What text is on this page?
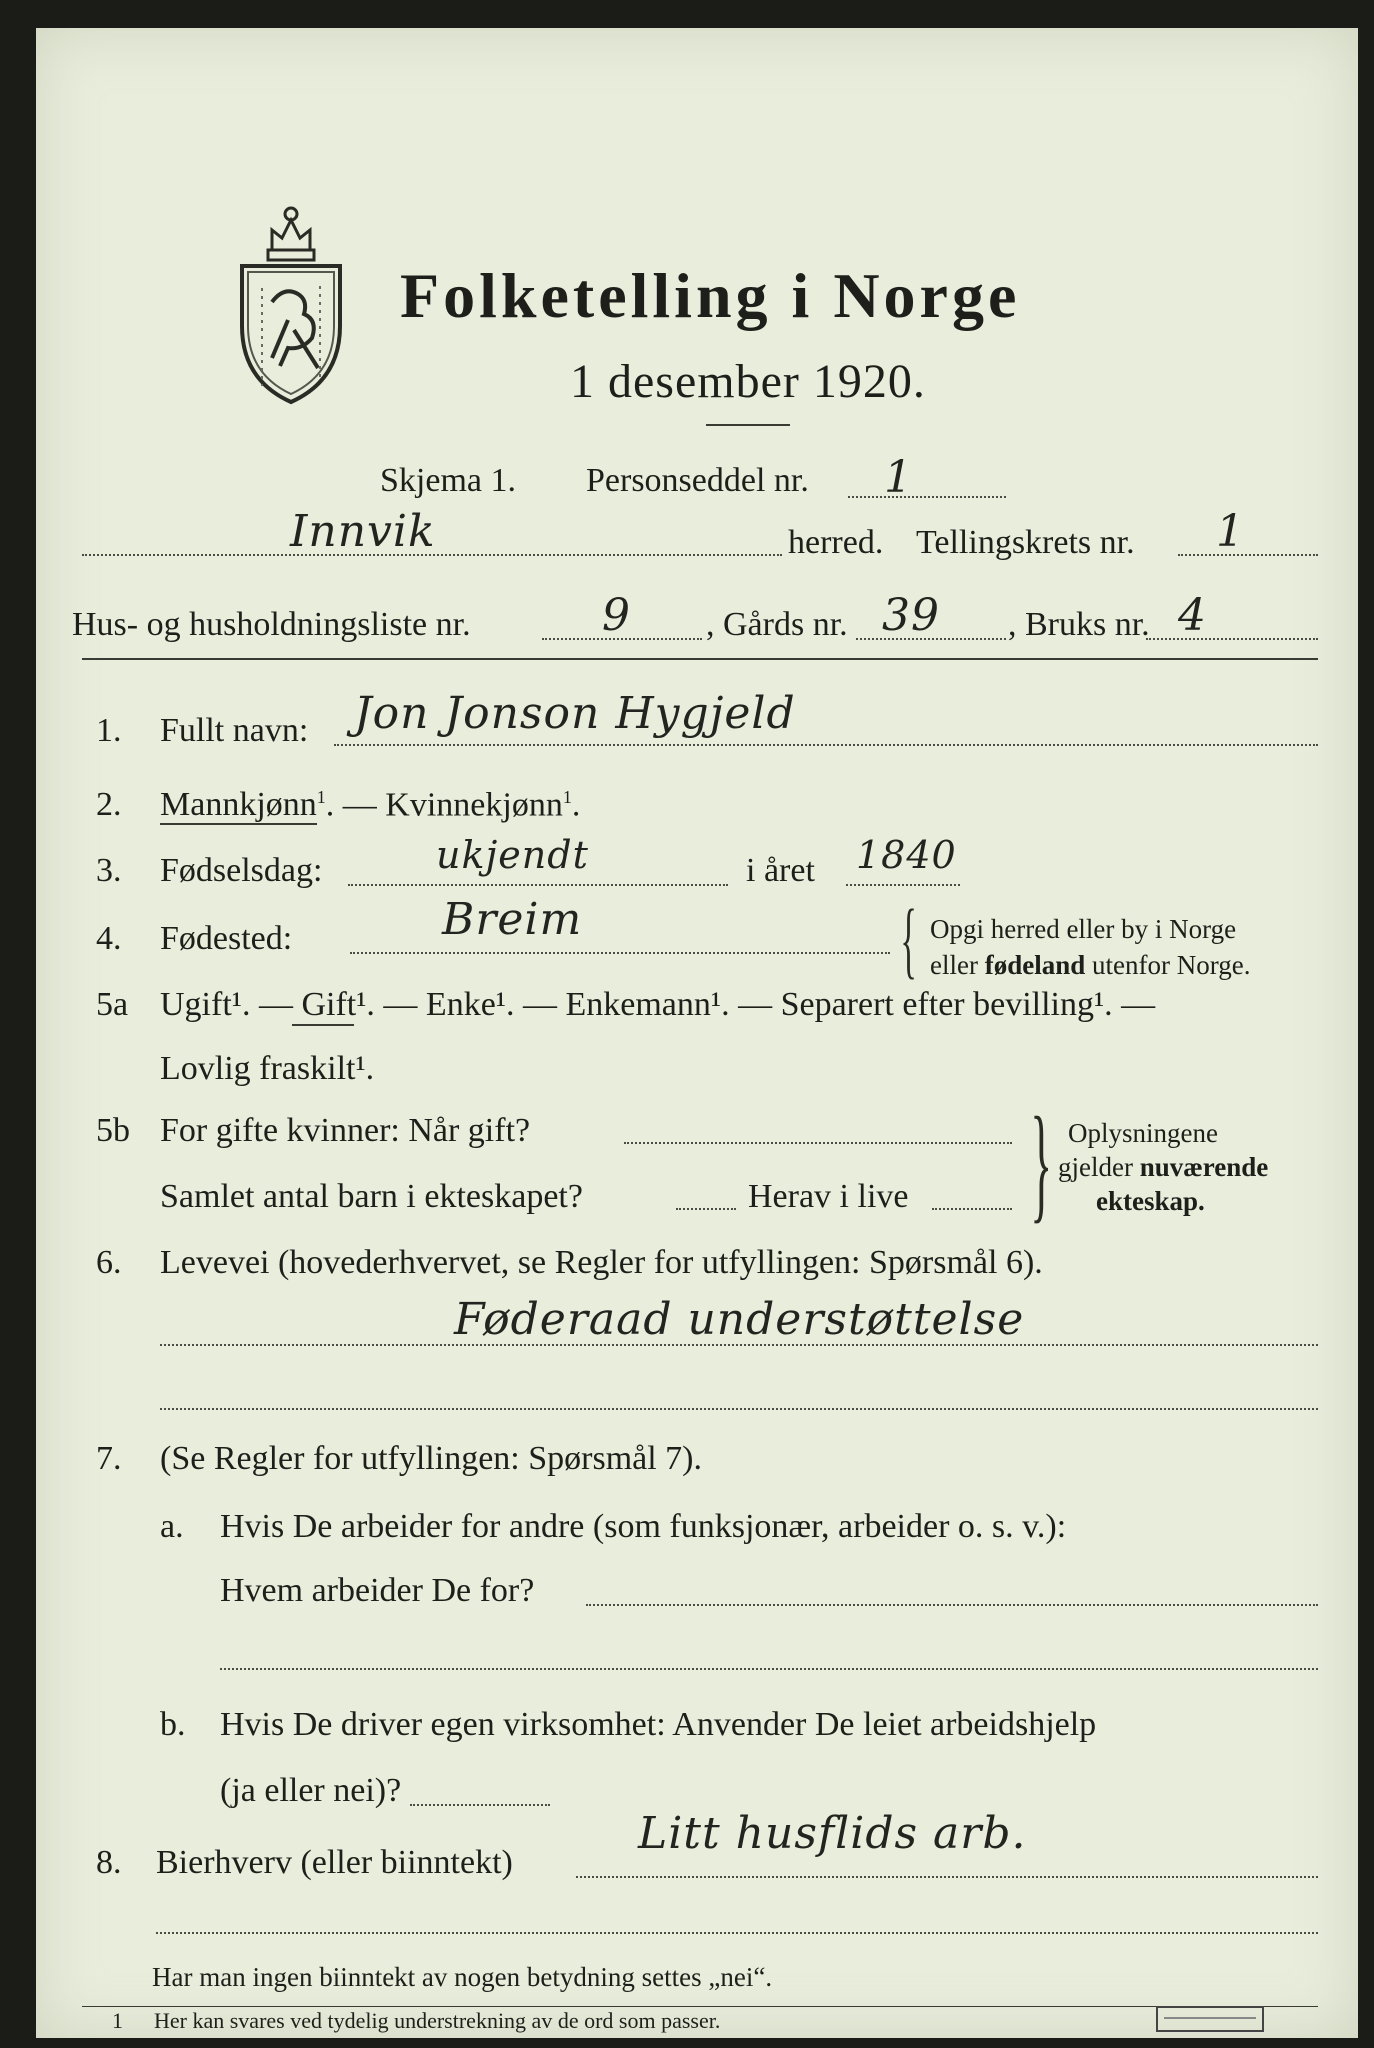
Folketelling i Norge
1 desember 1920.
Skjema 1. Personseddel nr. 1
Innvik	herred. Tellingskrets nr. 1
Hus- og husholdningsliste nr.	9 , Gårds nr. 39 , Bruks nr. 4
1. Fullt navn: Jon Jonson Hygjeld
2. Mannkjønn$^1$. — Kvinnekjønn$^1$.
3. Fødselsdag:	ukjendt	i året 1840
4. Fødested:	Breim	{ Opgi herred eller by i Norge
eller fødeland utenfor Norge.
5a Ugift¹. — Gift¹. — Enke¹. — Enkemann¹. — Separert efter bevilling¹. —
Lovlig fraskilt¹.
5b For gifte kvinner: Når gift?
Samlet antal barn i ekteskapet?	Herav i live } Oplysningene
gjelder nuværende
ekteskap.
6. Levevei (hovederhvervet, se Regler for utfyllingen: Spørsmål 6).
Føderaad understøttelse
7. (Se Regler for utfyllingen: Spørsmål 7).
a. Hvis De arbeider for andre (som funksjonær, arbeider o. s. v.):
Hvem arbeider De for?
b. Hvis De driver egen virksomhet: Anvender De leiet arbeidshjelp
(ja eller nei)?
8. Bierhverv (eller biinntekt)
Litt husflids arb.
Har man ingen biinntekt av nogen betydning settes „nei“.
1 Her kan svares ved tydelig understrekning av de ord som passer.
